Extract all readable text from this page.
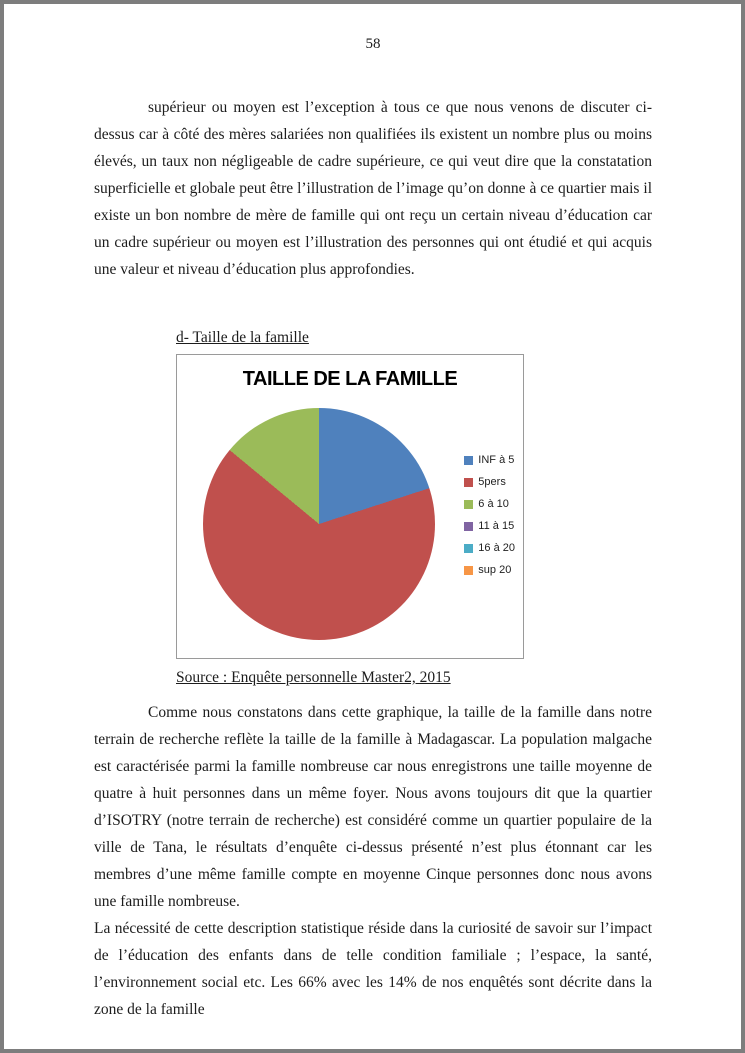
58

supérieur ou moyen est l’exception à tous ce que nous venons de discuter ci-dessus car à côté des mères salariées non qualifiées ils existent un nombre plus ou moins élevés, un taux non négligeable de cadre supérieure, ce qui veut dire que la constatation superficielle et globale peut être l’illustration de l’image qu’on donne à ce quartier mais il existe un bon nombre de mère de famille qui ont reçu un certain niveau d’éducation car un cadre supérieur ou moyen est l’illustration des personnes qui ont étudié et qui acquis une valeur et niveau d’éducation plus approfondies.

d- Taille de la famille
TAILLE DE LA FAMILLE
INF à 5
5pers
6 à 10
11 à 15
16 à 20
sup 20
Source : Enquête personnelle Master2, 2015

Comme nous constatons dans cette graphique, la taille de la famille dans notre terrain de recherche reflète la taille de la famille à Madagascar. La population malgache est caractérisée parmi la famille nombreuse car nous enregistrons une taille moyenne de quatre à huit personnes dans un même foyer. Nous avons toujours dit que la quartier d’ISOTRY (notre terrain de recherche) est considéré comme un quartier populaire de la ville de Tana, le résultats d’enquête ci-dessus présenté n’est plus étonnant car les membres d’une même famille compte en moyenne Cinque personnes donc nous avons une famille nombreuse.

La nécessité de cette description statistique réside dans la curiosité de savoir sur l’impact de l’éducation des enfants dans de telle condition familiale ; l’espace, la santé, l’environnement social etc. Les 66% avec les 14% de nos enquêtés sont décrite dans la zone de la famille
